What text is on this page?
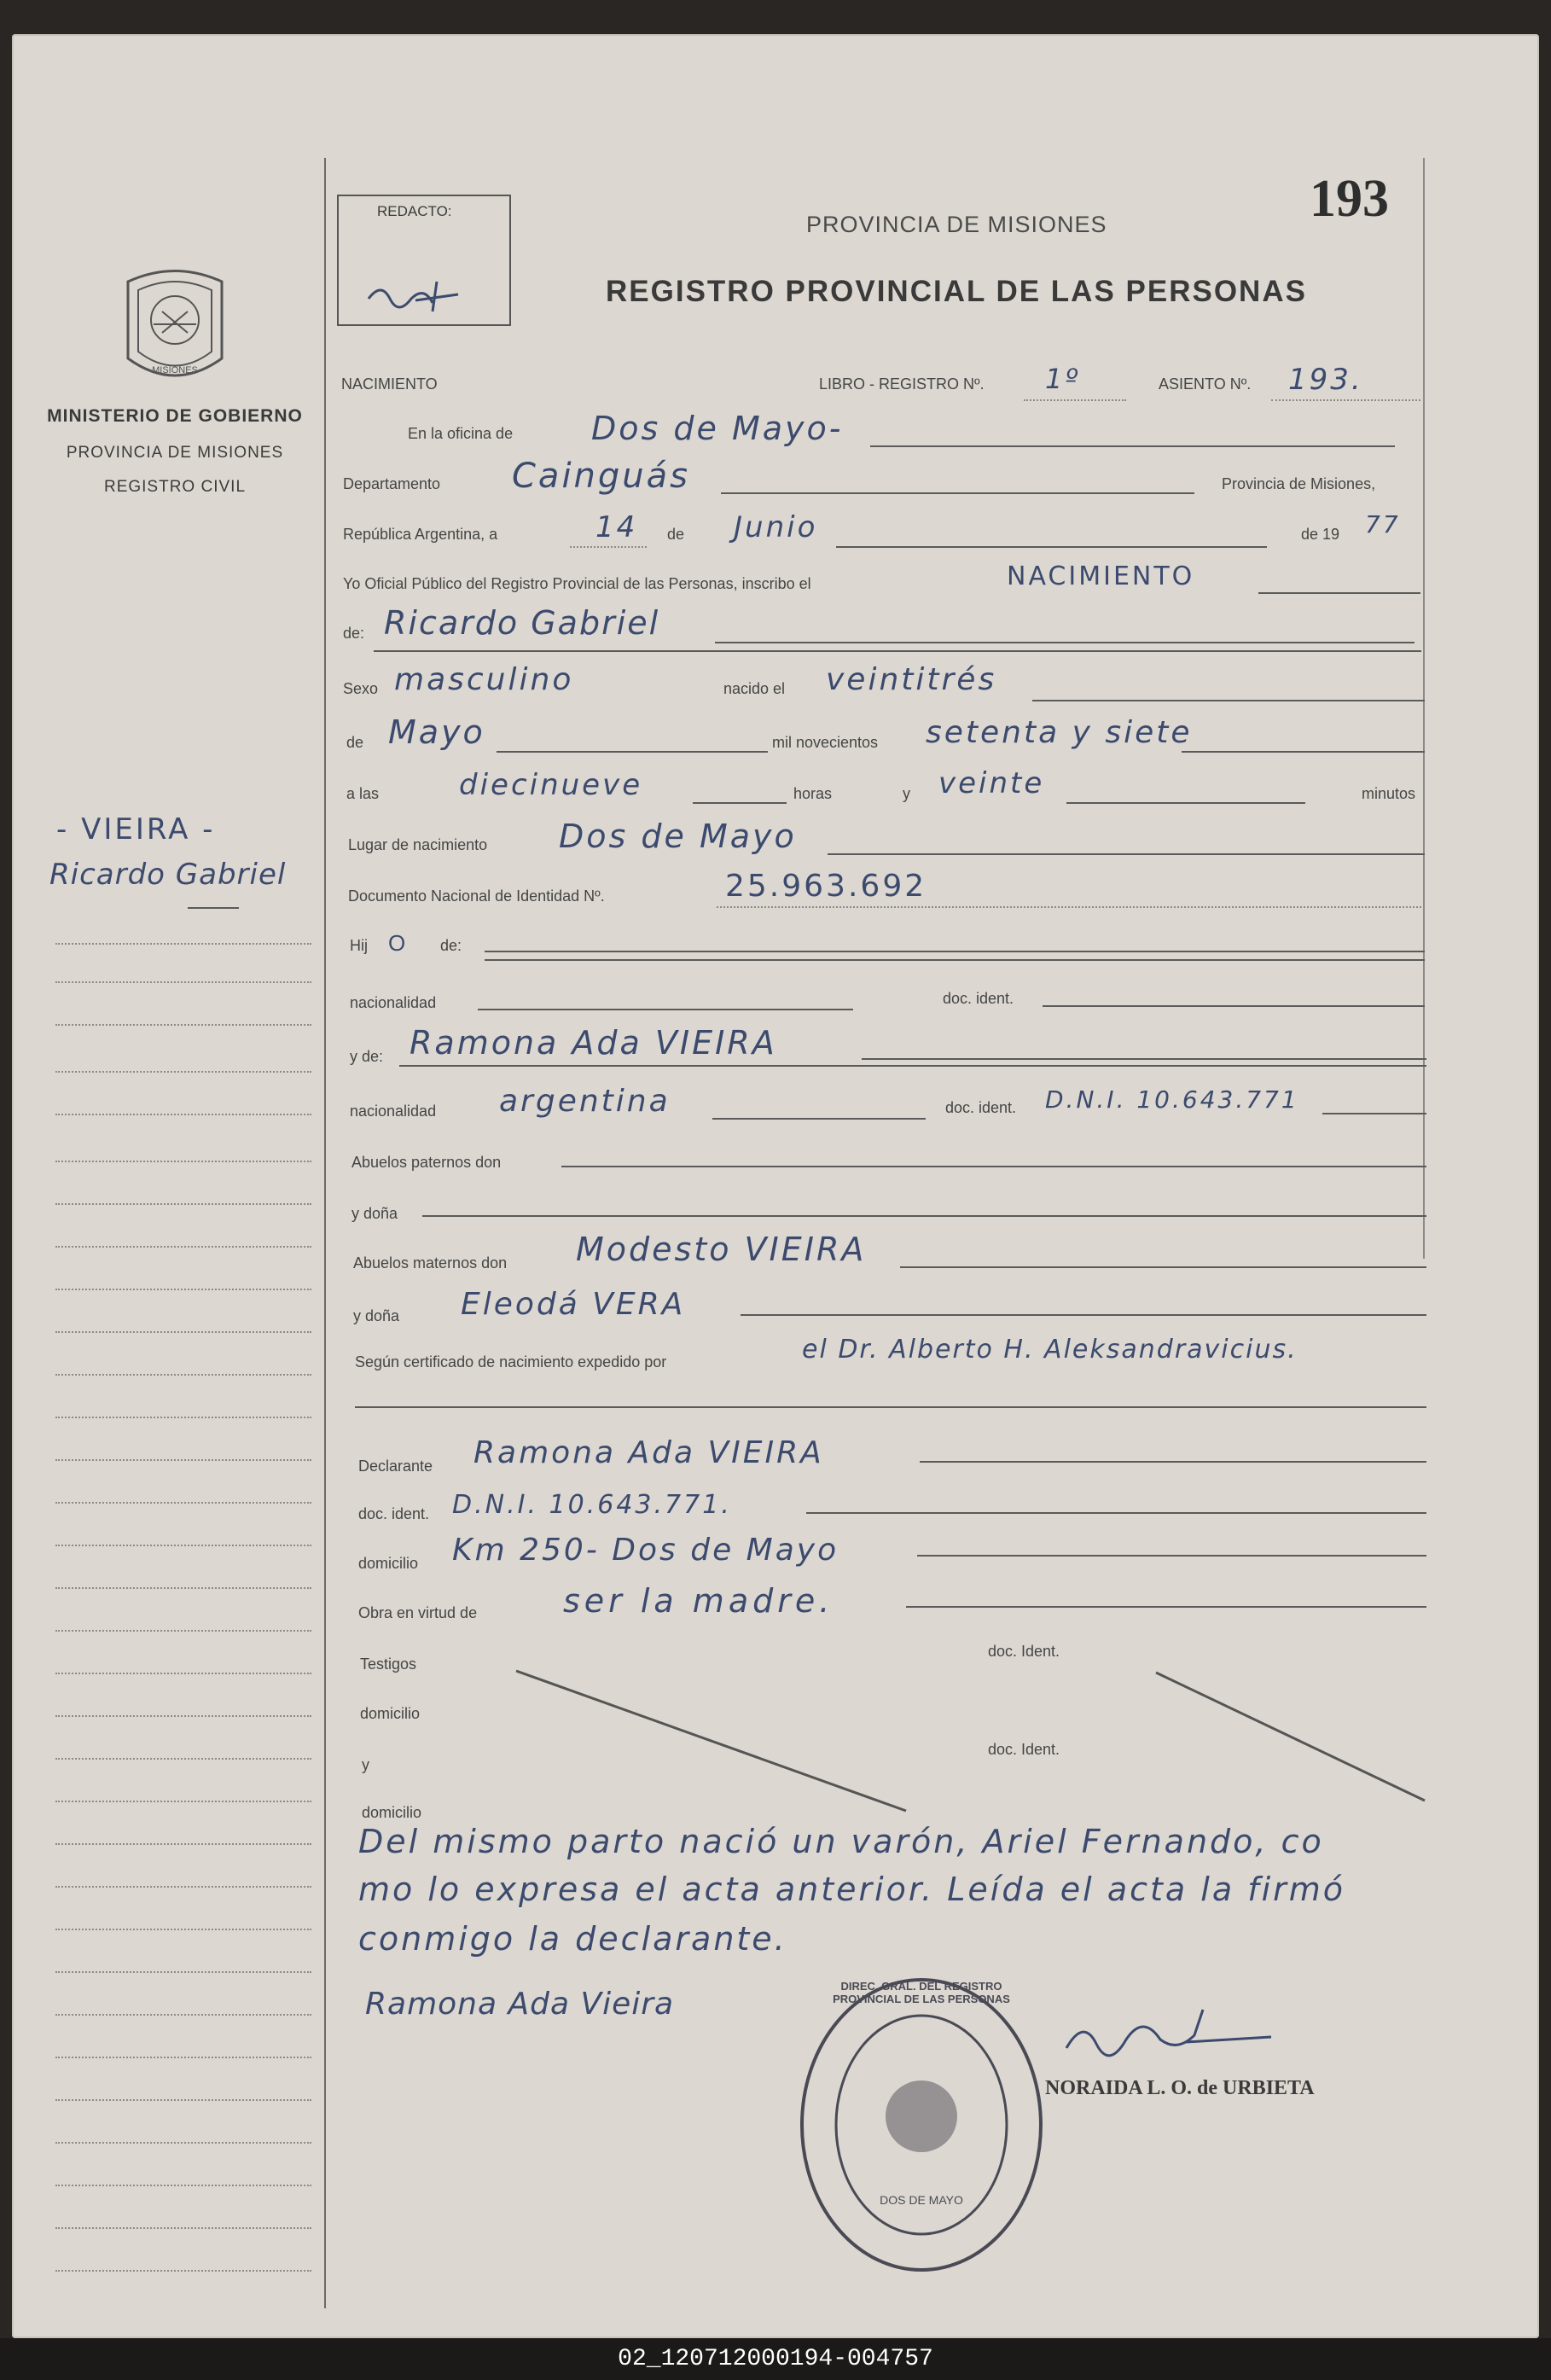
MISIONES
MINISTERIO DE GOBIERNO
PROVINCIA DE MISIONES
REGISTRO CIVIL
- VIEIRA -
Ricardo Gabriel
REDACTO:
PROVINCIA DE MISIONES	193
REGISTRO PROVINCIAL DE LAS PERSONAS
NACIMIENTO	LIBRO - REGISTRO Nº. 1º	ASIENTO Nº. 193.
En la oficina de Dos de Mayo-
Departamento Cainguás	Provincia de Misiones,
República Argentina, a	14 de Junio	de 19 77
Yo Oficial Público del Registro Provincial de las Personas, inscribo el	NACIMIENTO
de: Ricardo Gabriel
Sexo masculino	nacido el veintitrés
de Mayo	mil novecientos setenta y siete
a las	diecinueve	horas	y veinte	minutos
Lugar de nacimiento Dos de Mayo
Documento Nacional de Identidad Nº.	25.963.692
Hij O de:
nacionalidad	doc. ident.
y de: Ramona Ada VIEIRA
nacionalidad argentina	doc. ident. D.N.I. 10.643.771
Abuelos paternos don
y doña
Abuelos maternos don Modesto VIEIRA
y doña Eleodá VERA
Según certificado de nacimiento expedido por	el Dr. Alberto H. Aleksandravicius.
Declarante Ramona Ada VIEIRA
doc. ident. D.N.I. 10.643.771.
domicilio Km 250- Dos de Mayo
Obra en virtud de	ser la madre.
Testigos
doc. Ident.
domicilio
y
doc. Ident.
domicilio
Del mismo parto nació un varón, Ariel Fernando, co
mo lo expresa el acta anterior. Leída el acta la firmó
conmigo la declarante.
Ramona Ada Vieira
DIREC. GRAL. DEL REGISTRO PROVINCIAL DE LAS PERSONAS
DOS DE MAYO
NORAIDA L. O. de URBIETA
02_120712000194-004757
